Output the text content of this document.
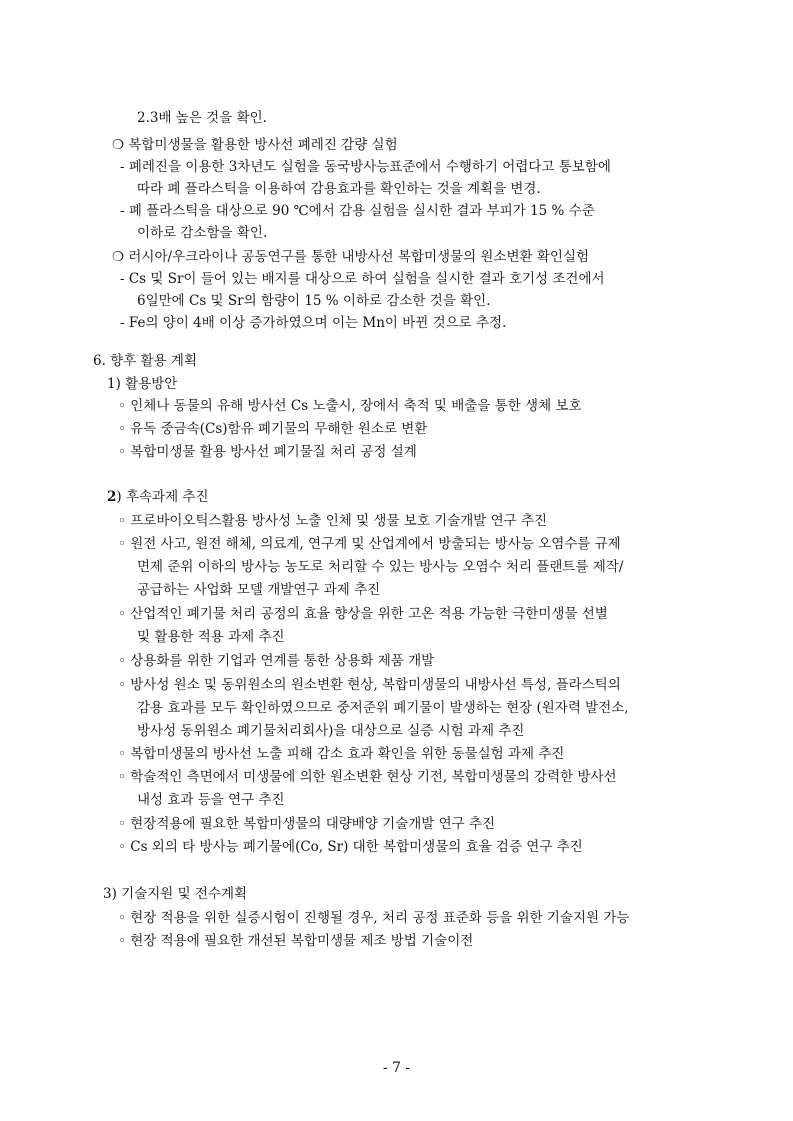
2.3배 높은 것을 확인.
❍ 복합미생물을 활용한 방사선 폐레진 감량 실험
- 폐레진을 이용한 3차년도 실험을 동국방사능표준에서 수행하기 어렵다고 통보함에
따라 폐 플라스틱을 이용하여 감용효과를 확인하는 것을 계획을 변경.
- 폐 플라스틱을 대상으로 90 ℃에서 감용 실험을 실시한 결과 부피가 15 % 수준
이하로 감소함을 확인.
❍ 러시아/우크라이나 공동연구를 통한 내방사선 복합미생물의 원소변환 확인실험
- Cs 및 Sr이 들어 있는 배지를 대상으로 하여 실험을 실시한 결과 호기성 조건에서
6일만에 Cs 및 Sr의 함량이 15 % 이하로 감소한 것을 확인.
- Fe의 양이 4배 이상 증가하였으며 이는 Mn이 바뀐 것으로 추정.
6. 향후 활용 계획
1) 활용방안
◦ 인체나 동물의 유해 방사선 Cs 노출시, 장에서 축적 및 배출을 통한 생체 보호
◦ 유독 중금속(Cs)함유 폐기물의 무해한 원소로 변환
◦ 복합미생물 활용 방사선 폐기물질 처리 공정 설계
2) 후속과제 추진
◦ 프로바이오틱스활용 방사성 노출 인체 및 생물 보호 기술개발 연구 추진
◦ 원전 사고, 원전 해체, 의료계, 연구계 및 산업계에서 방출되는 방사능 오염수를 규제
면제 준위 이하의 방사능 농도로 처리할 수 있는 방사능 오염수 처리 플랜트를 제작/
공급하는 사업화 모델 개발연구 과제 추진
◦ 산업적인 폐기물 처리 공정의 효율 향상을 위한 고온 적용 가능한 극한미생물 선별
및 활용한 적용 과제 추진
◦ 상용화를 위한 기업과 연계를 통한 상용화 제품 개발
◦ 방사성 원소 및 동위원소의 원소변환 현상, 복합미생물의 내방사선 특성, 플라스틱의
감용 효과를 모두 확인하였으므로 중저준위 폐기물이 발생하는 현장 (원자력 발전소,
방사성 동위원소 폐기물처리회사)을 대상으로 실증 시험 과제 추진
◦ 복합미생물의 방사선 노출 피해 감소 효과 확인을 위한 동물실험 과제 추진
◦ 학술적인 측면에서 미생물에 의한 원소변환 현상 기전, 복합미생물의 강력한 방사선
내성 효과 등을 연구 추진
◦ 현장적용에 필요한 복합미생물의 대량배양 기술개발 연구 추진
◦ Cs 외의 타 방사능 폐기물에(Co, Sr) 대한 복합미생물의 효율 검증 연구 추진
3) 기술지원 및 전수계획
◦ 현장 적용을 위한 실증시험이 진행될 경우, 처리 공정 표준화 등을 위한 기술지원 가능
◦ 현장 적용에 필요한 개선된 복합미생물 제조 방법 기술이전
- 7 -
